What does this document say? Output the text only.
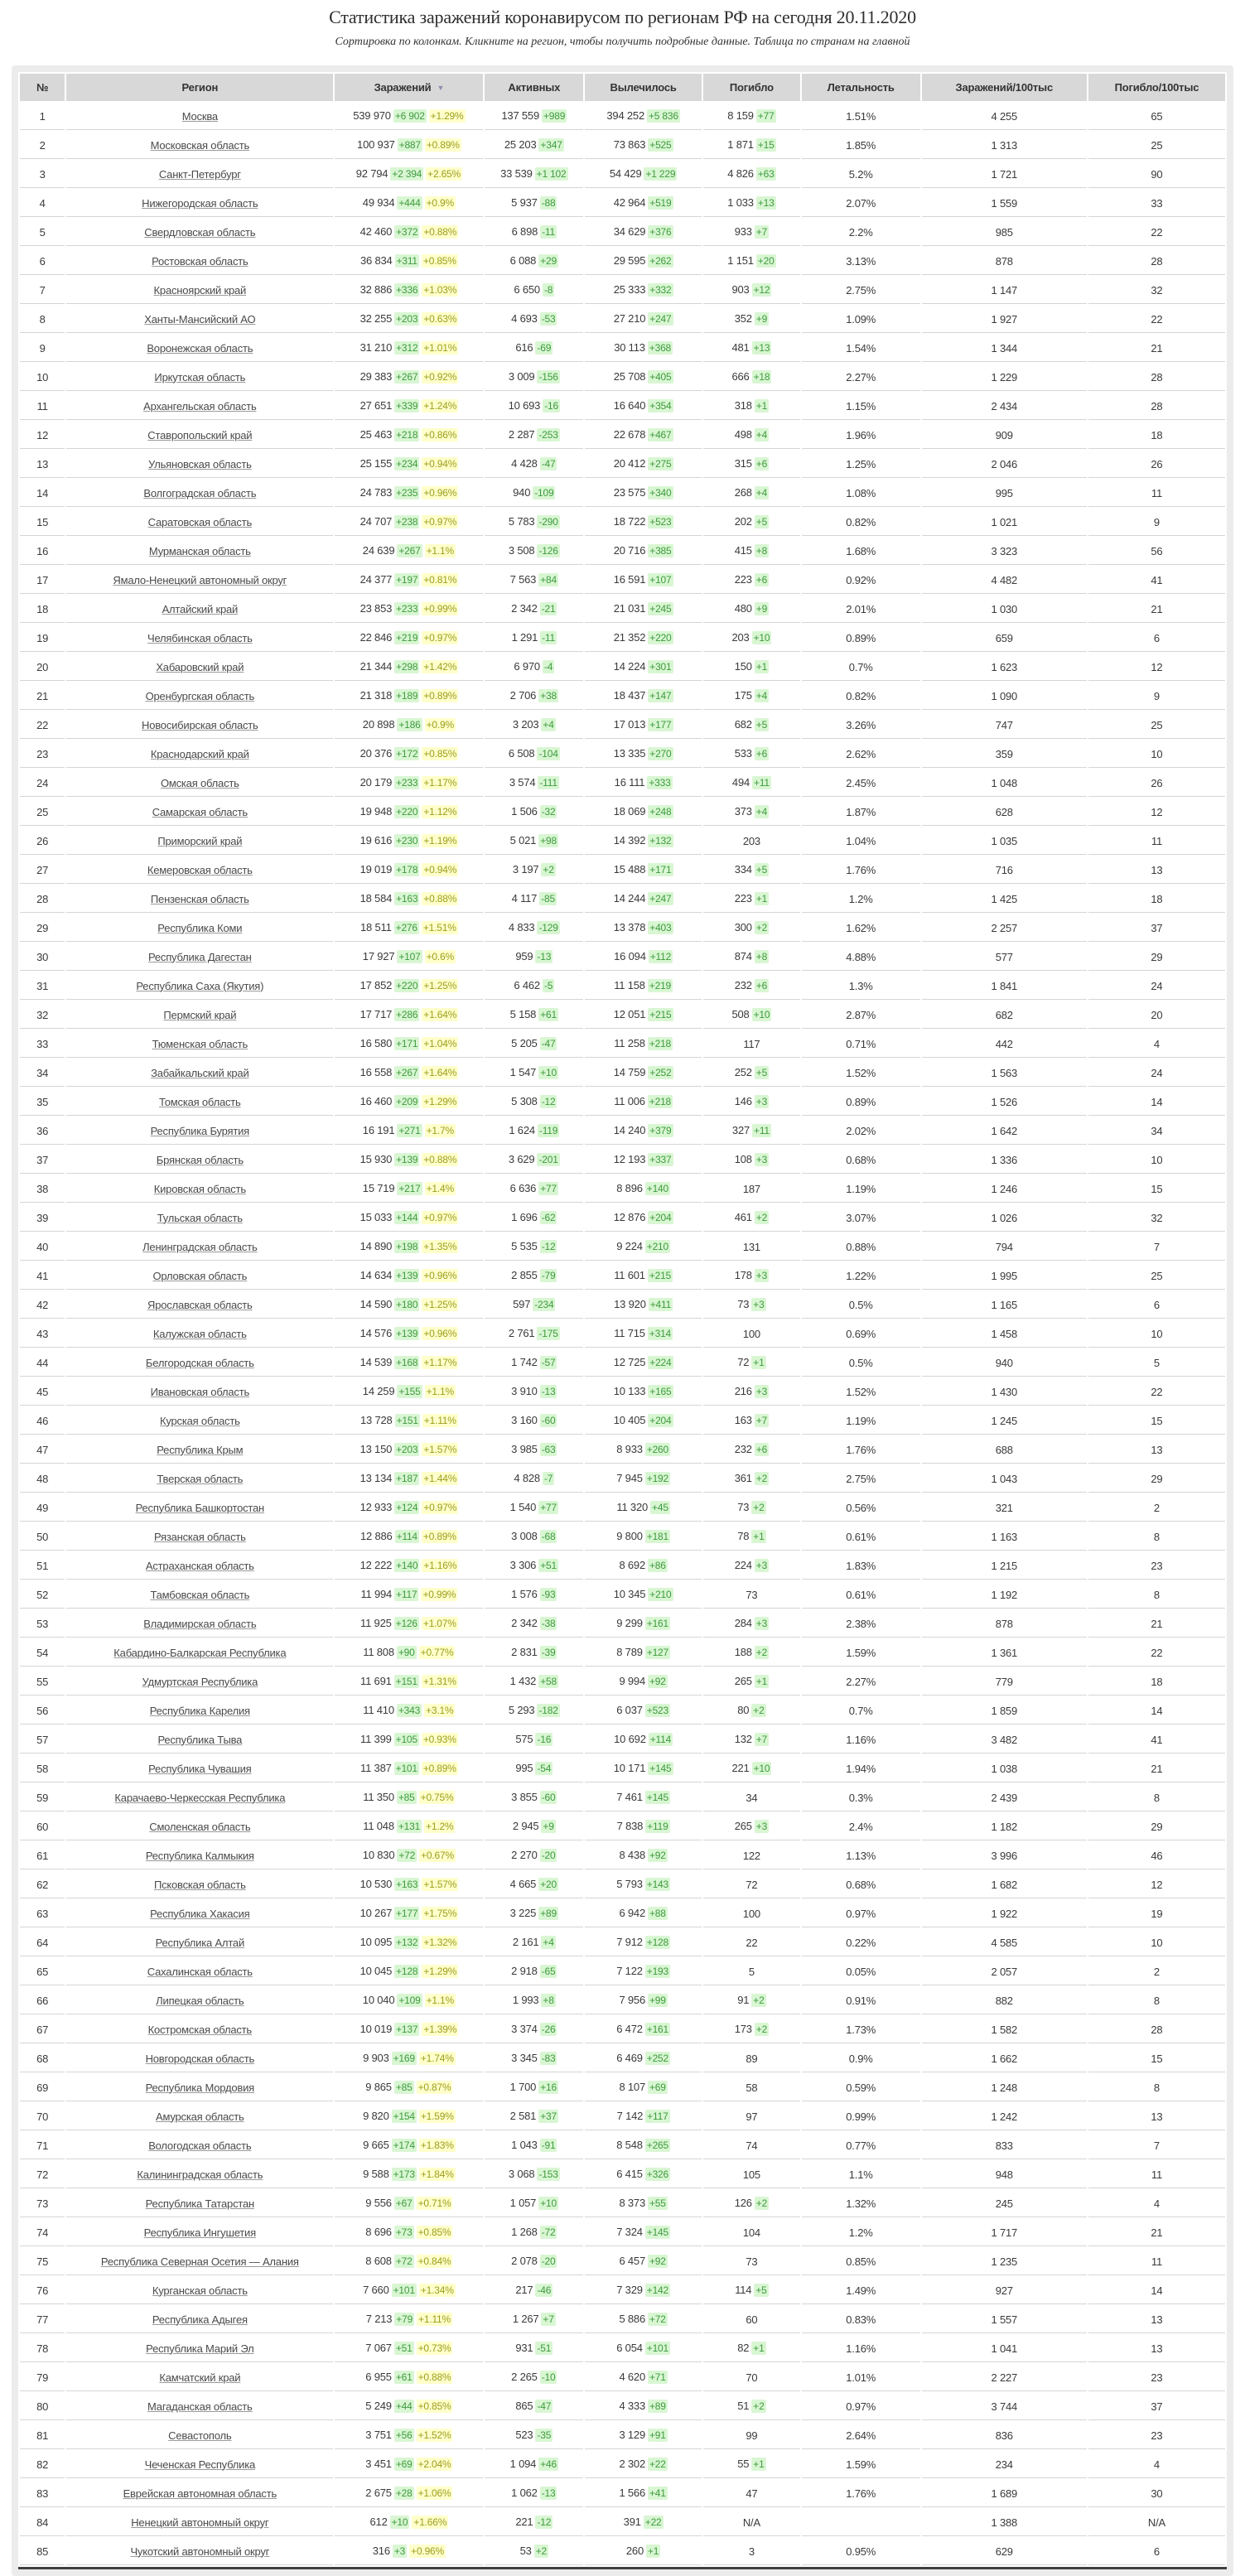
Статистика заражений коронавирусом по регионам РФ на сегодня 20.11.2020

Сортировка по колонкам. Кликните на регион, чтобы получить подробные данные. Таблица по странам на главной

№	Регион	Заражений ▼	Активных	Вылечилось	Погибло	Летальность	Заражений/100тыс	Погибло/100тыс
1	Москва	539 970 +6 902 +1.29%	137 559 +989	394 252 +5 836	8 159 +77	1.51%	4 255	65
2	Московская область	100 937 +887 +0.89%	25 203 +347	73 863 +525	1 871 +15	1.85%	1 313	25
3	Санкт-Петербург	92 794 +2 394 +2.65%	33 539 +1 102	54 429 +1 229	4 826 +63	5.2%	1 721	90
4	Нижегородская область	49 934 +444 +0.9%	5 937 -88	42 964 +519	1 033 +13	2.07%	1 559	33
5	Свердловская область	42 460 +372 +0.88%	6 898 -11	34 629 +376	933 +7	2.2%	985	22
6	Ростовская область	36 834 +311 +0.85%	6 088 +29	29 595 +262	1 151 +20	3.13%	878	28
7	Красноярский край	32 886 +336 +1.03%	6 650 -8	25 333 +332	903 +12	2.75%	1 147	32
8	Ханты-Мансийский АО	32 255 +203 +0.63%	4 693 -53	27 210 +247	352 +9	1.09%	1 927	22
9	Воронежская область	31 210 +312 +1.01%	616 -69	30 113 +368	481 +13	1.54%	1 344	21
10	Иркутская область	29 383 +267 +0.92%	3 009 -156	25 708 +405	666 +18	2.27%	1 229	28
11	Архангельская область	27 651 +339 +1.24%	10 693 -16	16 640 +354	318 +1	1.15%	2 434	28
12	Ставропольский край	25 463 +218 +0.86%	2 287 -253	22 678 +467	498 +4	1.96%	909	18
13	Ульяновская область	25 155 +234 +0.94%	4 428 -47	20 412 +275	315 +6	1.25%	2 046	26
14	Волгоградская область	24 783 +235 +0.96%	940 -109	23 575 +340	268 +4	1.08%	995	11
15	Саратовская область	24 707 +238 +0.97%	5 783 -290	18 722 +523	202 +5	0.82%	1 021	9
16	Мурманская область	24 639 +267 +1.1%	3 508 -126	20 716 +385	415 +8	1.68%	3 323	56
17	Ямало-Ненецкий автономный округ	24 377 +197 +0.81%	7 563 +84	16 591 +107	223 +6	0.92%	4 482	41
18	Алтайский край	23 853 +233 +0.99%	2 342 -21	21 031 +245	480 +9	2.01%	1 030	21
19	Челябинская область	22 846 +219 +0.97%	1 291 -11	21 352 +220	203 +10	0.89%	659	6
20	Хабаровский край	21 344 +298 +1.42%	6 970 -4	14 224 +301	150 +1	0.7%	1 623	12
21	Оренбургская область	21 318 +189 +0.89%	2 706 +38	18 437 +147	175 +4	0.82%	1 090	9
22	Новосибирская область	20 898 +186 +0.9%	3 203 +4	17 013 +177	682 +5	3.26%	747	25
23	Краснодарский край	20 376 +172 +0.85%	6 508 -104	13 335 +270	533 +6	2.62%	359	10
24	Омская область	20 179 +233 +1.17%	3 574 -111	16 111 +333	494 +11	2.45%	1 048	26
25	Самарская область	19 948 +220 +1.12%	1 506 -32	18 069 +248	373 +4	1.87%	628	12
26	Приморский край	19 616 +230 +1.19%	5 021 +98	14 392 +132	203	1.04%	1 035	11
27	Кемеровская область	19 019 +178 +0.94%	3 197 +2	15 488 +171	334 +5	1.76%	716	13
28	Пензенская область	18 584 +163 +0.88%	4 117 -85	14 244 +247	223 +1	1.2%	1 425	18
29	Республика Коми	18 511 +276 +1.51%	4 833 -129	13 378 +403	300 +2	1.62%	2 257	37
30	Республика Дагестан	17 927 +107 +0.6%	959 -13	16 094 +112	874 +8	4.88%	577	29
31	Республика Саха (Якутия)	17 852 +220 +1.25%	6 462 -5	11 158 +219	232 +6	1.3%	1 841	24
32	Пермский край	17 717 +286 +1.64%	5 158 +61	12 051 +215	508 +10	2.87%	682	20
33	Тюменская область	16 580 +171 +1.04%	5 205 -47	11 258 +218	117	0.71%	442	4
34	Забайкальский край	16 558 +267 +1.64%	1 547 +10	14 759 +252	252 +5	1.52%	1 563	24
35	Томская область	16 460 +209 +1.29%	5 308 -12	11 006 +218	146 +3	0.89%	1 526	14
36	Республика Бурятия	16 191 +271 +1.7%	1 624 -119	14 240 +379	327 +11	2.02%	1 642	34
37	Брянская область	15 930 +139 +0.88%	3 629 -201	12 193 +337	108 +3	0.68%	1 336	10
38	Кировская область	15 719 +217 +1.4%	6 636 +77	8 896 +140	187	1.19%	1 246	15
39	Тульская область	15 033 +144 +0.97%	1 696 -62	12 876 +204	461 +2	3.07%	1 026	32
40	Ленинградская область	14 890 +198 +1.35%	5 535 -12	9 224 +210	131	0.88%	794	7
41	Орловская область	14 634 +139 +0.96%	2 855 -79	11 601 +215	178 +3	1.22%	1 995	25
42	Ярославская область	14 590 +180 +1.25%	597 -234	13 920 +411	73 +3	0.5%	1 165	6
43	Калужская область	14 576 +139 +0.96%	2 761 -175	11 715 +314	100	0.69%	1 458	10
44	Белгородская область	14 539 +168 +1.17%	1 742 -57	12 725 +224	72 +1	0.5%	940	5
45	Ивановская область	14 259 +155 +1.1%	3 910 -13	10 133 +165	216 +3	1.52%	1 430	22
46	Курская область	13 728 +151 +1.11%	3 160 -60	10 405 +204	163 +7	1.19%	1 245	15
47	Республика Крым	13 150 +203 +1.57%	3 985 -63	8 933 +260	232 +6	1.76%	688	13
48	Тверская область	13 134 +187 +1.44%	4 828 -7	7 945 +192	361 +2	2.75%	1 043	29
49	Республика Башкортостан	12 933 +124 +0.97%	1 540 +77	11 320 +45	73 +2	0.56%	321	2
50	Рязанская область	12 886 +114 +0.89%	3 008 -68	9 800 +181	78 +1	0.61%	1 163	8
51	Астраханская область	12 222 +140 +1.16%	3 306 +51	8 692 +86	224 +3	1.83%	1 215	23
52	Тамбовская область	11 994 +117 +0.99%	1 576 -93	10 345 +210	73	0.61%	1 192	8
53	Владимирская область	11 925 +126 +1.07%	2 342 -38	9 299 +161	284 +3	2.38%	878	21
54	Кабардино-Балкарская Республика	11 808 +90 +0.77%	2 831 -39	8 789 +127	188 +2	1.59%	1 361	22
55	Удмуртская Республика	11 691 +151 +1.31%	1 432 +58	9 994 +92	265 +1	2.27%	779	18
56	Республика Карелия	11 410 +343 +3.1%	5 293 -182	6 037 +523	80 +2	0.7%	1 859	14
57	Республика Тыва	11 399 +105 +0.93%	575 -16	10 692 +114	132 +7	1.16%	3 482	41
58	Республика Чувашия	11 387 +101 +0.89%	995 -54	10 171 +145	221 +10	1.94%	1 038	21
59	Карачаево-Черкесская Республика	11 350 +85 +0.75%	3 855 -60	7 461 +145	34	0.3%	2 439	8
60	Смоленская область	11 048 +131 +1.2%	2 945 +9	7 838 +119	265 +3	2.4%	1 182	29
61	Республика Калмыкия	10 830 +72 +0.67%	2 270 -20	8 438 +92	122	1.13%	3 996	46
62	Псковская область	10 530 +163 +1.57%	4 665 +20	5 793 +143	72	0.68%	1 682	12
63	Республика Хакасия	10 267 +177 +1.75%	3 225 +89	6 942 +88	100	0.97%	1 922	19
64	Республика Алтай	10 095 +132 +1.32%	2 161 +4	7 912 +128	22	0.22%	4 585	10
65	Сахалинская область	10 045 +128 +1.29%	2 918 -65	7 122 +193	5	0.05%	2 057	2
66	Липецкая область	10 040 +109 +1.1%	1 993 +8	7 956 +99	91 +2	0.91%	882	8
67	Костромская область	10 019 +137 +1.39%	3 374 -26	6 472 +161	173 +2	1.73%	1 582	28
68	Новгородская область	9 903 +169 +1.74%	3 345 -83	6 469 +252	89	0.9%	1 662	15
69	Республика Мордовия	9 865 +85 +0.87%	1 700 +16	8 107 +69	58	0.59%	1 248	8
70	Амурская область	9 820 +154 +1.59%	2 581 +37	7 142 +117	97	0.99%	1 242	13
71	Вологодская область	9 665 +174 +1.83%	1 043 -91	8 548 +265	74	0.77%	833	7
72	Калининградская область	9 588 +173 +1.84%	3 068 -153	6 415 +326	105	1.1%	948	11
73	Республика Татарстан	9 556 +67 +0.71%	1 057 +10	8 373 +55	126 +2	1.32%	245	4
74	Республика Ингушетия	8 696 +73 +0.85%	1 268 -72	7 324 +145	104	1.2%	1 717	21
75	Республика Северная Осетия — Алания	8 608 +72 +0.84%	2 078 -20	6 457 +92	73	0.85%	1 235	11
76	Курганская область	7 660 +101 +1.34%	217 -46	7 329 +142	114 +5	1.49%	927	14
77	Республика Адыгея	7 213 +79 +1.11%	1 267 +7	5 886 +72	60	0.83%	1 557	13
78	Республика Марий Эл	7 067 +51 +0.73%	931 -51	6 054 +101	82 +1	1.16%	1 041	13
79	Камчатский край	6 955 +61 +0.88%	2 265 -10	4 620 +71	70	1.01%	2 227	23
80	Магаданская область	5 249 +44 +0.85%	865 -47	4 333 +89	51 +2	0.97%	3 744	37
81	Севастополь	3 751 +56 +1.52%	523 -35	3 129 +91	99	2.64%	836	23
82	Чеченская Республика	3 451 +69 +2.04%	1 094 +46	2 302 +22	55 +1	1.59%	234	4
83	Еврейская автономная область	2 675 +28 +1.06%	1 062 -13	1 566 +41	47	1.76%	1 689	30
84	Ненецкий автономный округ	612 +10 +1.66%	221 -12	391 +22	N/A		1 388	N/A
85	Чукотский автономный округ	316 +3 +0.96%	53 +2	260 +1	3	0.95%	629	6
